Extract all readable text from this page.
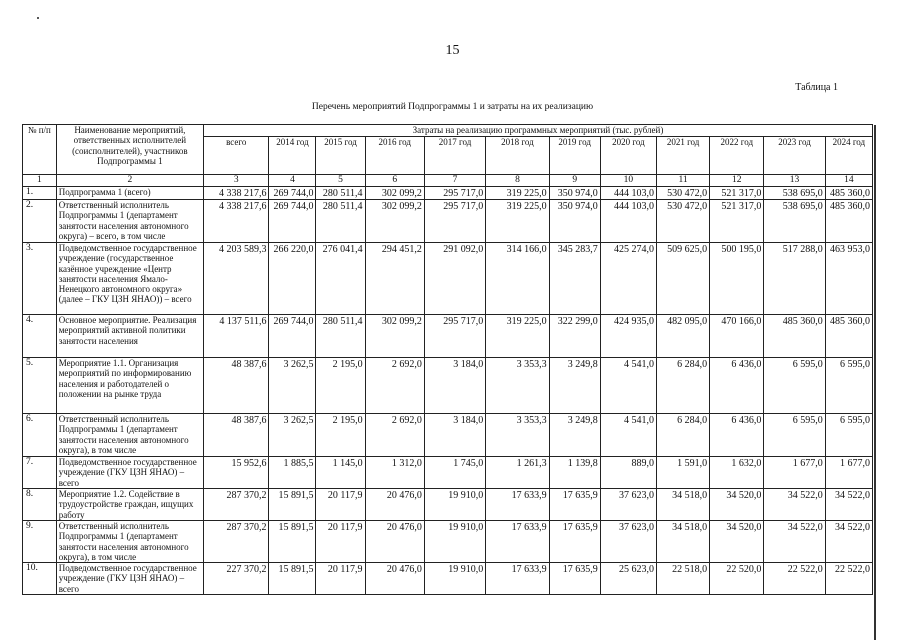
15
Таблица 1
Перечень мероприятий Подпрограммы 1 и затраты на их реализацию
№ п/п	Наименование мероприятий, ответственных исполнителей (соисполнителей), участников Подпрограммы 1	Затраты на реализацию программных мероприятий (тыс. рублей)											
		всего	2014 год	2015 год	2016 год	2017 год	2018 год	2019 год	2020 год	2021 год	2022 год	2023 год	2024 год
1	2	3	4	5	6	7	8	9	10	11	12	13	14
1.	Подпрограмма 1 (всего)	4 338 217,6	269 744,0	280 511,4	302 099,2	295 717,0	319 225,0	350 974,0	444 103,0	530 472,0	521 317,0	538 695,0	485 360,0
2.	Ответственный исполнитель Подпрограммы 1 (департамент занятости населения автономного округа) – всего, в том числе	4 338 217,6	269 744,0	280 511,4	302 099,2	295 717,0	319 225,0	350 974,0	444 103,0	530 472,0	521 317,0	538 695,0	485 360,0
3.	Подведомственное государственное учреждение (государственное казённое учреждение «Центр занятости населения Ямало-Ненецкого автономного округа» (далее – ГКУ ЦЗН ЯНАО)) – всего	4 203 589,3	266 220,0	276 041,4	294 451,2	291 092,0	314 166,0	345 283,7	425 274,0	509 625,0	500 195,0	517 288,0	463 953,0
4.	Основное мероприятие. Реализация мероприятий активной политики занятости населения	4 137 511,6	269 744,0	280 511,4	302 099,2	295 717,0	319 225,0	322 299,0	424 935,0	482 095,0	470 166,0	485 360,0	485 360,0
5.	Мероприятие 1.1. Организация мероприятий по информированию населения и работодателей о положении на рынке труда	48 387,6	3 262,5	2 195,0	2 692,0	3 184,0	3 353,3	3 249,8	4 541,0	6 284,0	6 436,0	6 595,0	6 595,0
6.	Ответственный исполнитель Подпрограммы 1 (департамент занятости населения автономного округа), в том числе	48 387,6	3 262,5	2 195,0	2 692,0	3 184,0	3 353,3	3 249,8	4 541,0	6 284,0	6 436,0	6 595,0	6 595,0
7.	Подведомственное государственное учреждение (ГКУ ЦЗН ЯНАО) – всего	15 952,6	1 885,5	1 145,0	1 312,0	1 745,0	1 261,3	1 139,8	889,0	1 591,0	1 632,0	1 677,0	1 677,0
8.	Мероприятие 1.2. Содействие в трудоустройстве граждан, ищущих работу	287 370,2	15 891,5	20 117,9	20 476,0	19 910,0	17 633,9	17 635,9	37 623,0	34 518,0	34 520,0	34 522,0	34 522,0
9.	Ответственный исполнитель Подпрограммы 1 (департамент занятости населения автономного округа), в том числе	287 370,2	15 891,5	20 117,9	20 476,0	19 910,0	17 633,9	17 635,9	37 623,0	34 518,0	34 520,0	34 522,0	34 522,0
10.	Подведомственное государственное учреждение (ГКУ ЦЗН ЯНАО) – всего	227 370,2	15 891,5	20 117,9	20 476,0	19 910,0	17 633,9	17 635,9	25 623,0	22 518,0	22 520,0	22 522,0	22 522,0
